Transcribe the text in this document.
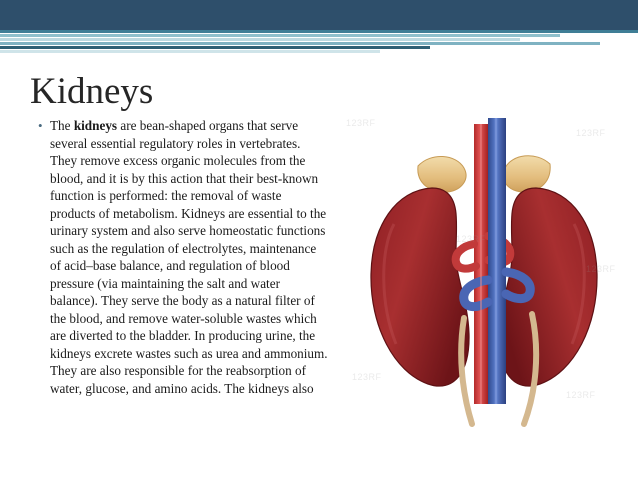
Kidneys
• The kidneys are bean-shaped organs that serve several essential regulatory roles in vertebrates. They remove excess organic molecules from the blood, and it is by this action that their best-known function is performed: the removal of waste products of metabolism. Kidneys are essential to the urinary system and also serve homeostatic functions such as the regulation of electrolytes, maintenance of acid–base balance, and regulation of blood pressure (via maintaining the salt and water balance). They serve the body as a natural filter of the blood, and remove water-soluble wastes which are diverted to the bladder. In producing urine, the kidneys excrete wastes such as urea and ammonium. They are also responsible for the reabsorption of water, glucose, and amino acids. The kidneys also
123RF
123RF
123RF
123RF
123RF
123RF
